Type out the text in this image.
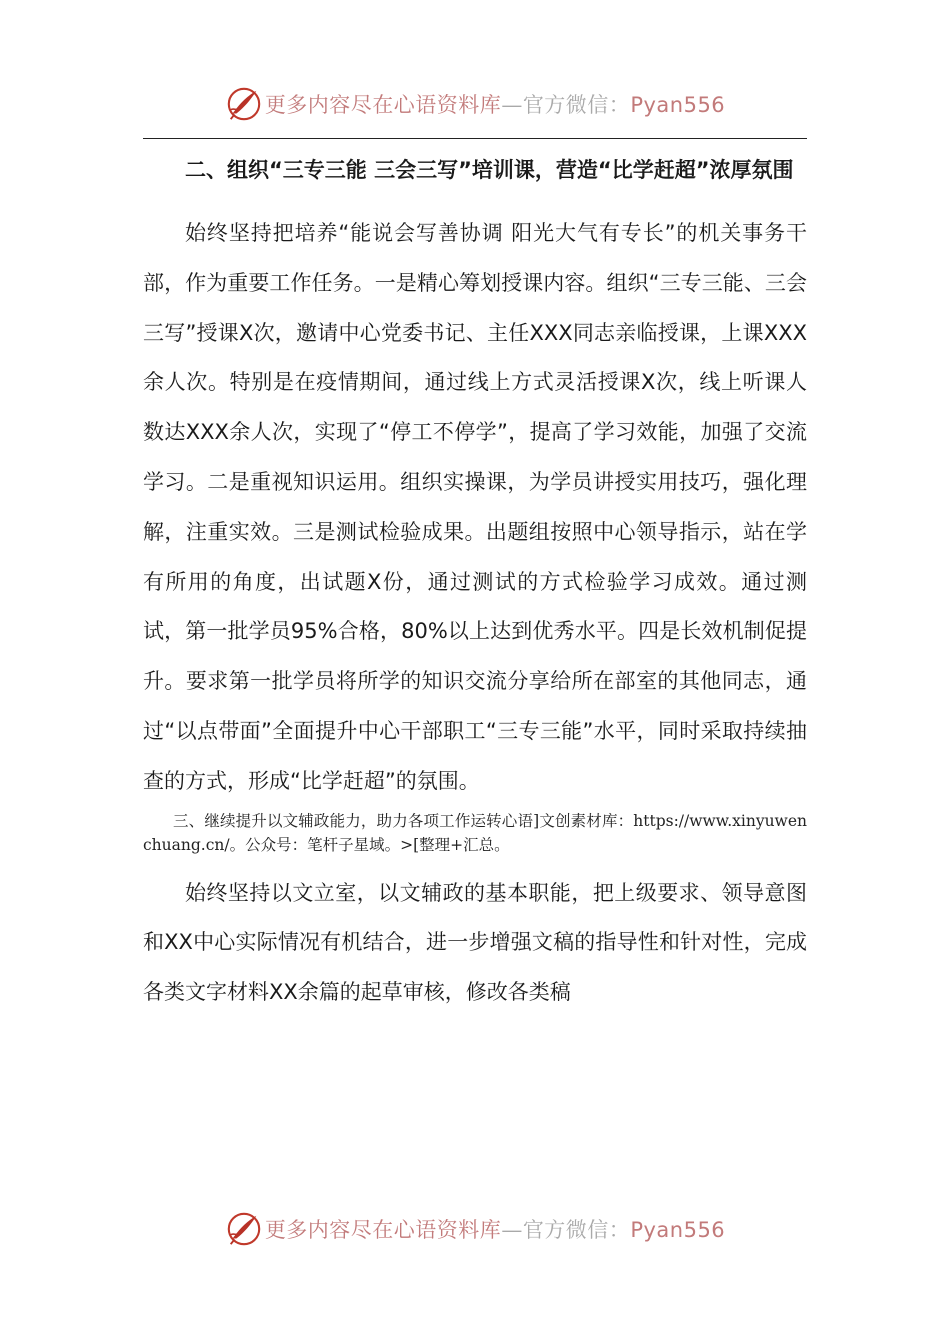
更多内容尽在心语资料库—官方微信：Pyan556

二、组织“三专三能 三会三写”培训课，营造“比学赶超”浓厚氛围

始终坚持把培养“能说会写善协调 阳光大气有专长”的机关事务干部，作为重要工作任务。一是精心筹划授课内容。组织“三专三能、三会三写”授课X次，邀请中心党委书记、主任XXX同志亲临授课，上课XXX余人次。特别是在疫情期间，通过线上方式灵活授课X次，线上听课人数达XXX余人次，实现了“停工不停学”，提高了学习效能，加强了交流学习。二是重视知识运用。组织实操课，为学员讲授实用技巧，强化理解，注重实效。三是测试检验成果。出题组按照中心领导指示，站在学有所用的角度，出试题X份，通过测试的方式检验学习成效。通过测试，第一批学员95%合格，80%以上达到优秀水平。四是长效机制促提升。要求第一批学员将所学的知识交流分享给所在部室的其他同志，通过“以点带面”全面提升中心干部职工“三专三能”水平，同时采取持续抽查的方式，形成“比学赶超”的氛围。

三、继续提升以文辅政能力，助力各项工作运转心语]文创素材库：https://www.xinyuwenchuang.cn/。公众号：笔杆子星域。>[整理+汇总。

始终坚持以文立室，以文辅政的基本职能，把上级要求、领导意图和XX中心实际情况有机结合，进一步增强文稿的指导性和针对性，完成各类文字材料XX余篇的起草审核，修改各类稿

更多内容尽在心语资料库—官方微信：Pyan556
